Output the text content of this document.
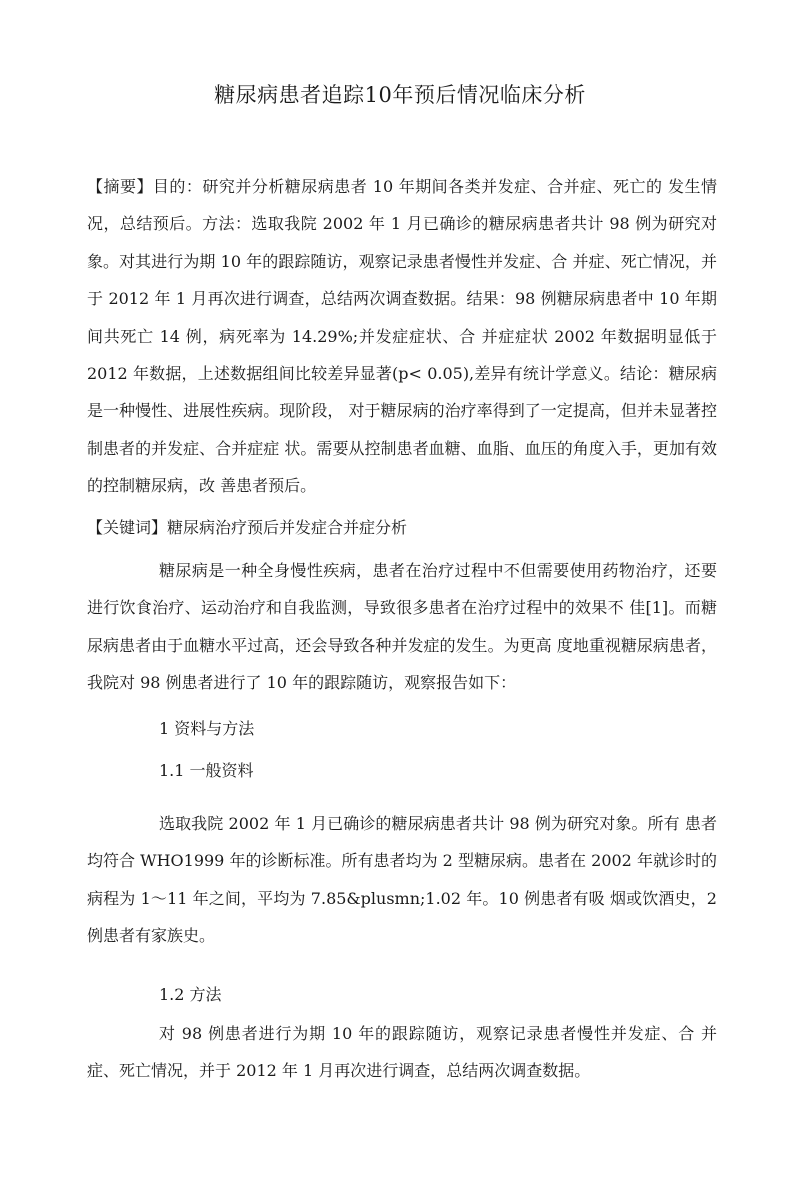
糖尿病患者追踪10年预后情况临床分析

【摘要】目的：研究并分析糖尿病患者 10 年期间各类并发症、合并症、死亡的 发生情况，总结预后。方法：选取我院 2002 年 1 月已确诊的糖尿病患者共计 98 例为研究对象。对其进行为期 10 年的跟踪随访，观察记录患者慢性并发症、合 并症、死亡情况，并于 2012 年 1 月再次进行调查，总结两次调查数据。结果：98 例糖尿病患者中 10 年期间共死亡 14 例，病死率为 14.29%;并发症症状、合 并症症状 2002 年数据明显低于 2012 年数据，上述数据组间比较差异显著(p< 0.05),差异有统计学意义。结论：糖尿病是一种慢性、进展性疾病。现阶段， 对于糖尿病的治疗率得到了一定提高，但并未显著控制患者的并发症、合并症症 状。需要从控制患者血糖、血脂、血压的角度入手，更加有效的控制糖尿病，改 善患者预后。

【关键词】糖尿病治疗预后并发症合并症分析

糖尿病是一种全身慢性疾病，患者在治疗过程中不但需要使用药物治疗，还要进行饮食治疗、运动治疗和自我监测，导致很多患者在治疗过程中的效果不 佳[1]。而糖尿病患者由于血糖水平过高，还会导致各种并发症的发生。为更高 度地重视糖尿病患者，我院对 98 例患者进行了 10 年的跟踪随访，观察报告如下：

1 资料与方法

1.1 一般资料

选取我院 2002 年 1 月已确诊的糖尿病患者共计 98 例为研究对象。所有 患者均符合 WHO1999 年的诊断标准。所有患者均为 2 型糖尿病。患者在 2002 年就诊时的病程为 1～11 年之间，平均为 7.85&plusmn;1.02 年。10 例患者有吸 烟或饮酒史，2 例患者有家族史。

1.2 方法

对 98 例患者进行为期 10 年的跟踪随访，观察记录患者慢性并发症、合 并症、死亡情况，并于 2012 年 1 月再次进行调查，总结两次调查数据。
